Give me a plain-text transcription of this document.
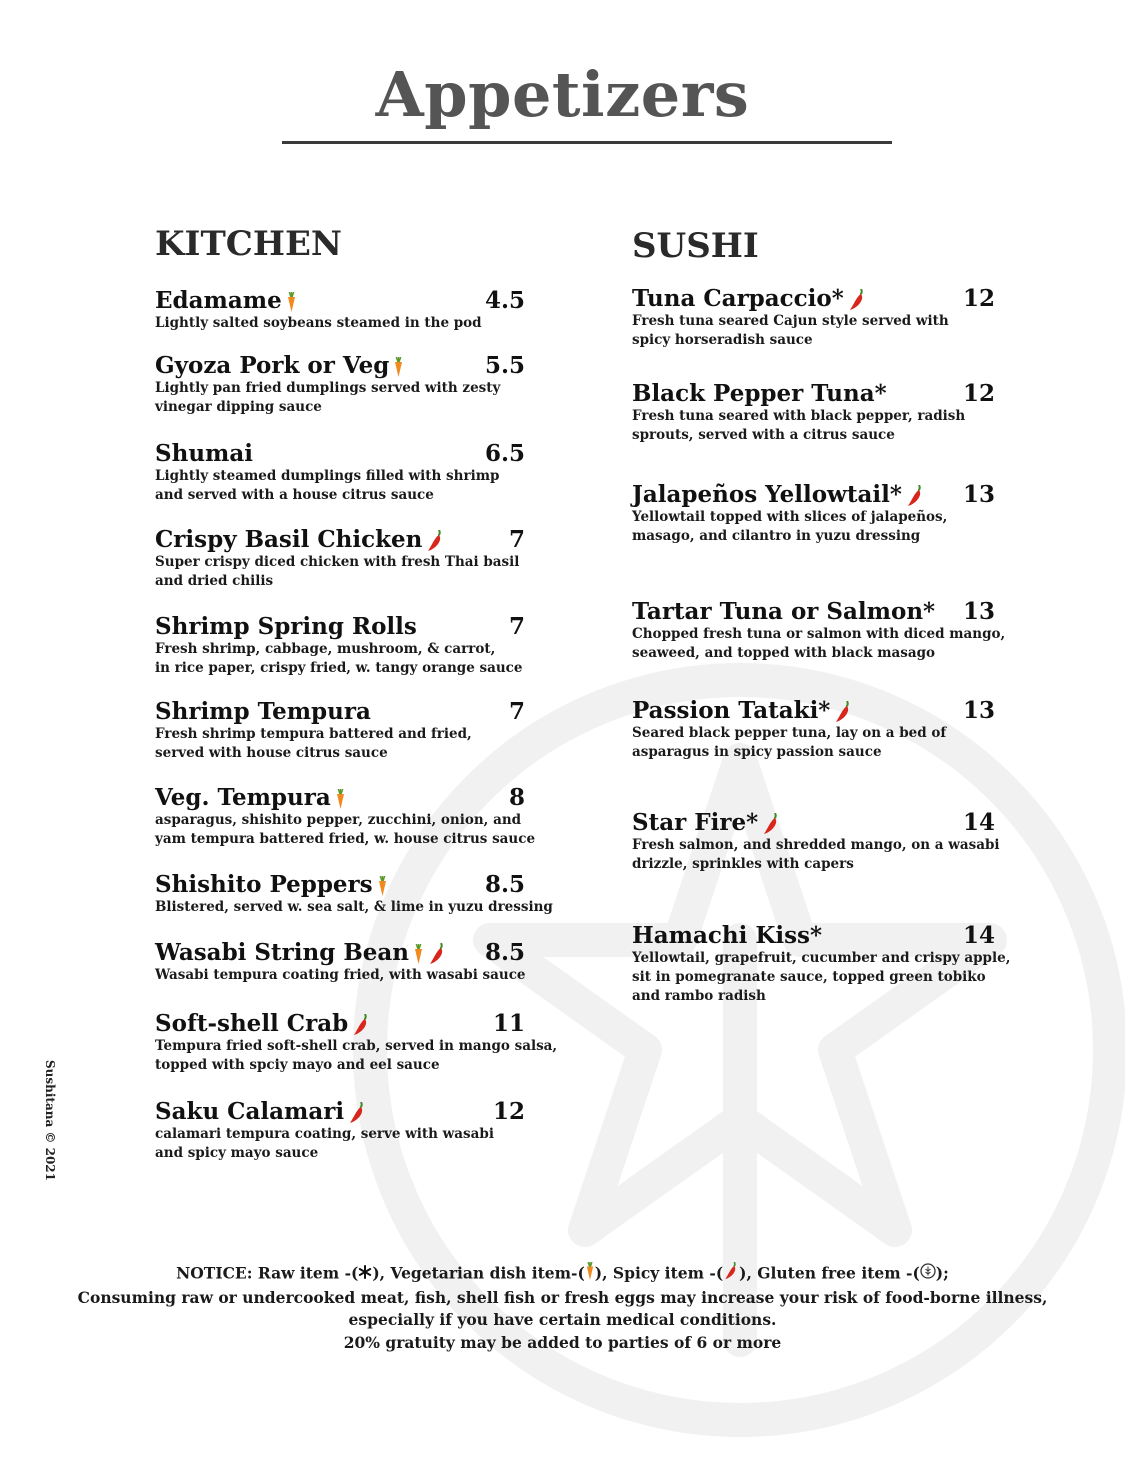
Appetizers
KITCHEN	SUSHI
Edamame	4.5
Lightly salted soybeans steamed in the pod
Gyoza Pork or Veg	5.5
Lightly pan fried dumplings served with zesty
vinegar dipping sauce
Shumai	6.5
Lightly steamed dumplings filled with shrimp
and served with a house citrus sauce
Crispy Basil Chicken	7
Super crispy diced chicken with fresh Thai basil
and dried chilis
Shrimp Spring Rolls	7
Fresh shrimp, cabbage, mushroom, & carrot,
in rice paper, crispy fried, w. tangy orange sauce
Shrimp Tempura	7
Fresh shrimp tempura battered and fried,
served with house citrus sauce
Veg. Tempura	8
asparagus, shishito pepper, zucchini, onion, and
yam tempura battered fried, w. house citrus sauce
Shishito Peppers	8.5
Blistered, served w. sea salt, & lime in yuzu dressing
Wasabi String Bean	8.5
Wasabi tempura coating fried, with wasabi sauce
Soft-shell Crab	11
Tempura fried soft-shell crab, served in mango salsa,
topped with spciy mayo and eel sauce
Saku Calamari	12
calamari tempura coating, serve with wasabi
and spicy mayo sauce
Tuna Carpaccio*	12
Fresh tuna seared Cajun style served with
spicy horseradish sauce
Black Pepper Tuna*	12
Fresh tuna seared with black pepper, radish
sprouts, served with a citrus sauce
Jalapeños Yellowtail*	13
Yellowtail topped with slices of jalapeños,
masago, and cilantro in yuzu dressing
Tartar Tuna or Salmon* 13
Chopped fresh tuna or salmon with diced mango,
seaweed, and topped with black masago
Passion Tataki*	13
Seared black pepper tuna, lay on a bed of
asparagus in spicy passion sauce
Star Fire*	14
Fresh salmon, and shredded mango, on a wasabi
drizzle, sprinkles with capers
Hamachi Kiss*	14
Yellowtail, grapefruit, cucumber and crispy apple,
sit in pomegranate sauce, topped green tobiko
and rambo radish
Sushitana © 2021
NOTICE: Raw item -( ), Vegetarian dish item-( ), Spicy item -( ), Gluten free item -( );
Consuming raw or undercooked meat, fish, shell fish or fresh eggs may increase your risk of food-borne illness,
especially if you have certain medical conditions.
20% gratuity may be added to parties of 6 or more
